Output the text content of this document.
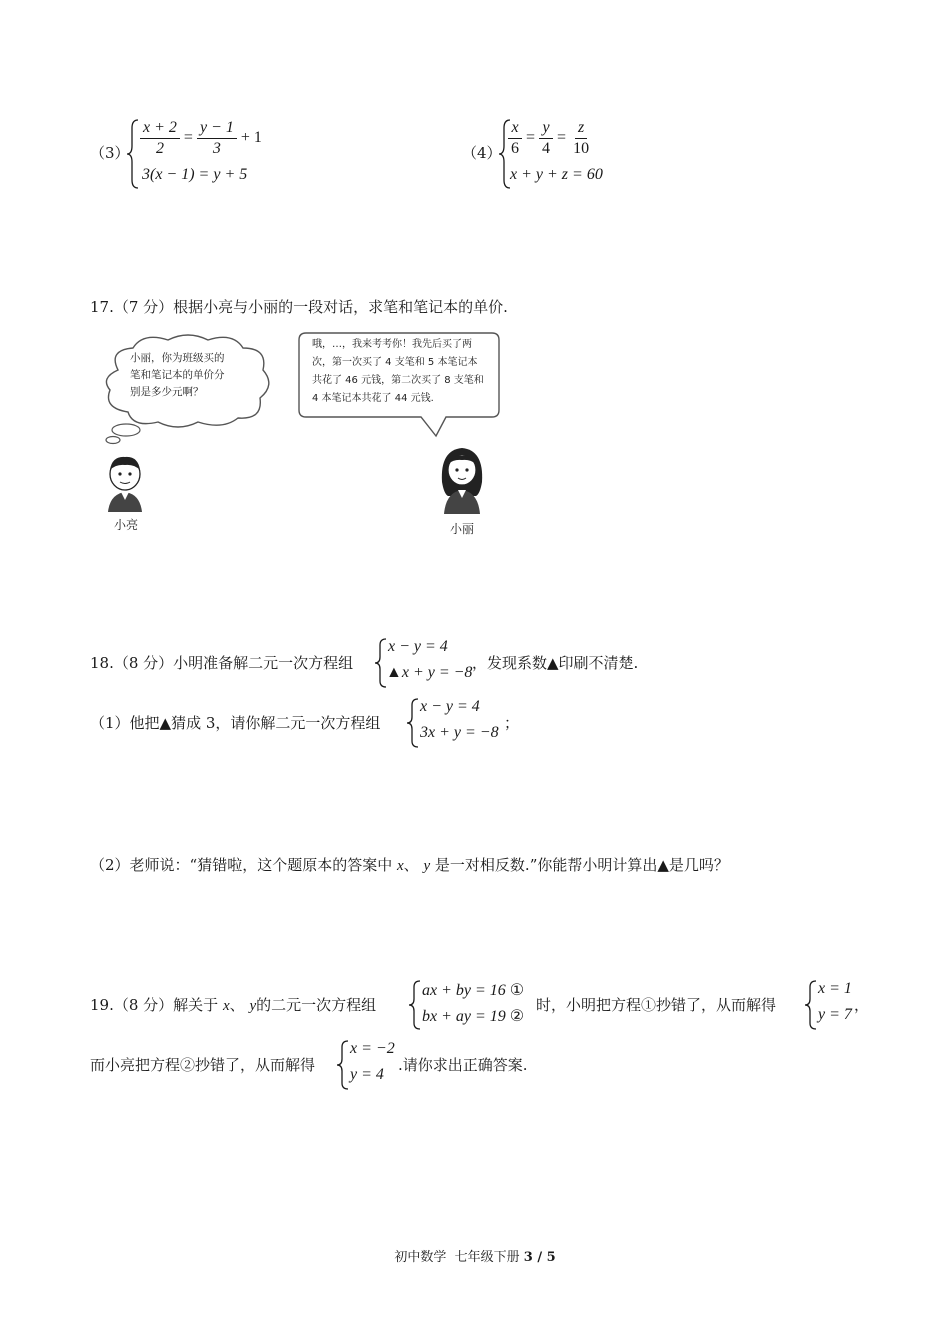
$(3) \frac{x + 2}{2} = \frac{y - 1}{3} + 1$
3(x − 1) = y + 5
$(4) \frac{x}{6} = \frac{y}{4} = \frac{z}{10}$
x + y + z = 60
17.（7 分）根据小亮与小丽的一段对话，求笔和笔记本的单价.
小丽，你为班级买的
笔和笔记本的单价分
别是多少元啊？
哦，…，我来考考你！我先后买了两
次，第一次买了 4 支笔和 5 本笔记本
共花了 46 元钱，第二次买了 8 支笔和
4 本笔记本共花了 44 元钱.
小亮	小丽
18.（8 分）小明准备解二元一次方程组
x − y = 4
▲x + y = −8
，发现系数▲印刷不清楚.
（1）他把▲猜成 3，请你解二元一次方程组
x − y = 4
3x + y = −8
；
（2）老师说：“猜错啦，这个题原本的答案中 x、 y 是一对相反数.”你能帮小明计算出▲是几吗？
19.（8 分）解关于 x、 y的二元一次方程组
ax + by = 16 ①
bx + ay = 19 ②
时，小明把方程①抄错了，从而解得
x = 1
y = 7
，
而小亮把方程②抄错了，从而解得
x = −2
y = 4
.请你求出正确答案.
初中数学 七年级下册 3 / 5
